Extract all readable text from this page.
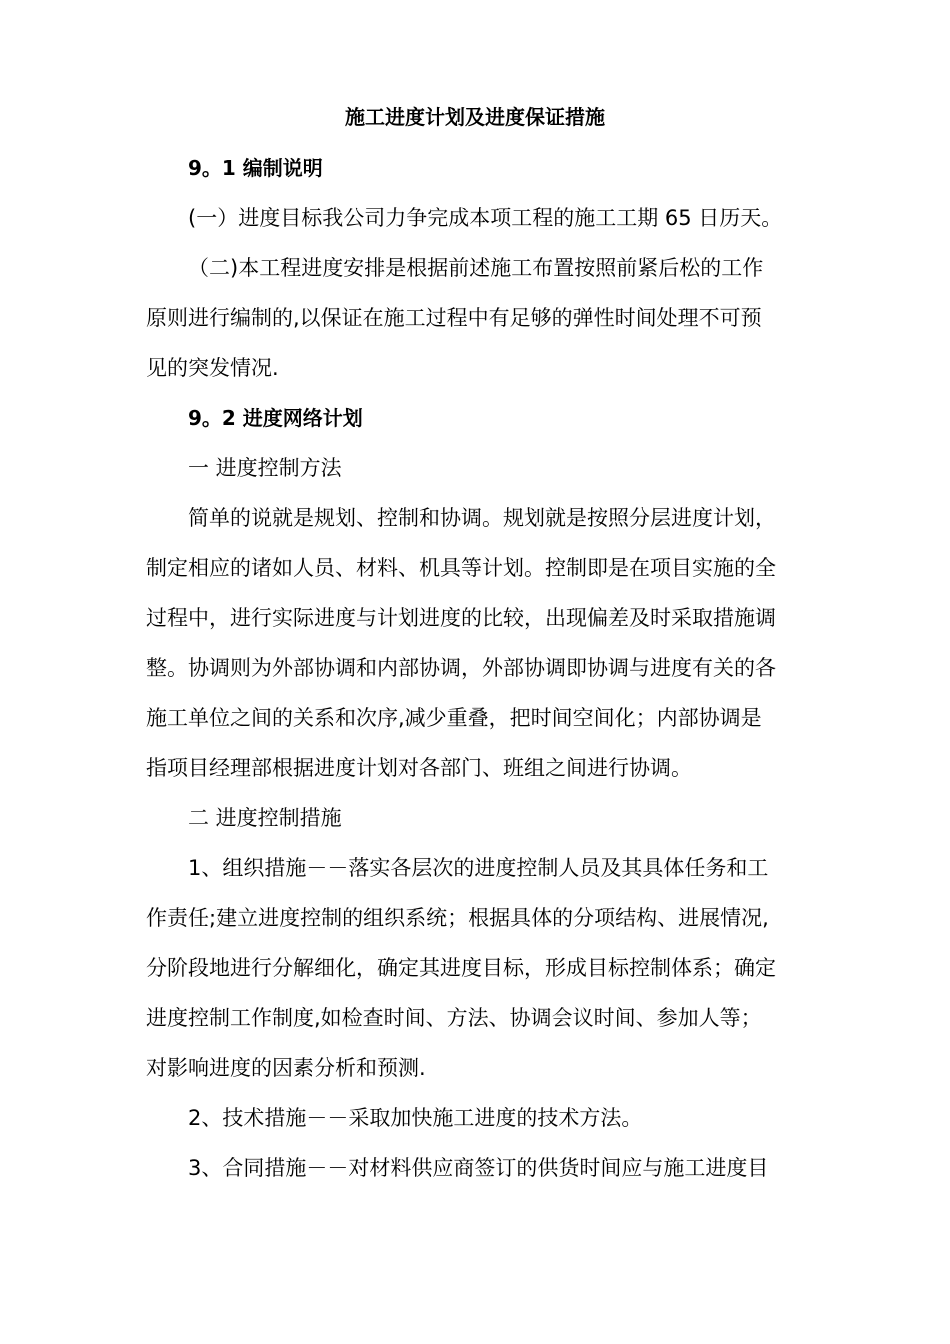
施工进度计划及进度保证措施
9。1 编制说明
(一）进度目标我公司力争完成本项工程的施工工期 65 日历天。
（二)本工程进度安排是根据前述施工布置按照前紧后松的工作
原则进行编制的,以保证在施工过程中有足够的弹性时间处理不可预
见的突发情况.
9。2 进度网络计划
一 进度控制方法
简单的说就是规划、控制和协调。规划就是按照分层进度计划，
制定相应的诸如人员、材料、机具等计划。控制即是在项目实施的全
过程中，进行实际进度与计划进度的比较，出现偏差及时采取措施调
整。协调则为外部协调和内部协调，外部协调即协调与进度有关的各
施工单位之间的关系和次序,减少重叠，把时间空间化；内部协调是
指项目经理部根据进度计划对各部门、班组之间进行协调。
二 进度控制措施
1、组织措施－－落实各层次的进度控制人员及其具体任务和工
作责任;建立进度控制的组织系统；根据具体的分项结构、进展情况,
分阶段地进行分解细化，确定其进度目标，形成目标控制体系；确定
进度控制工作制度,如检查时间、方法、协调会议时间、参加人等；
对影响进度的因素分析和预测.
2、技术措施－－采取加快施工进度的技术方法。
3、合同措施－－对材料供应商签订的供货时间应与施工进度目
